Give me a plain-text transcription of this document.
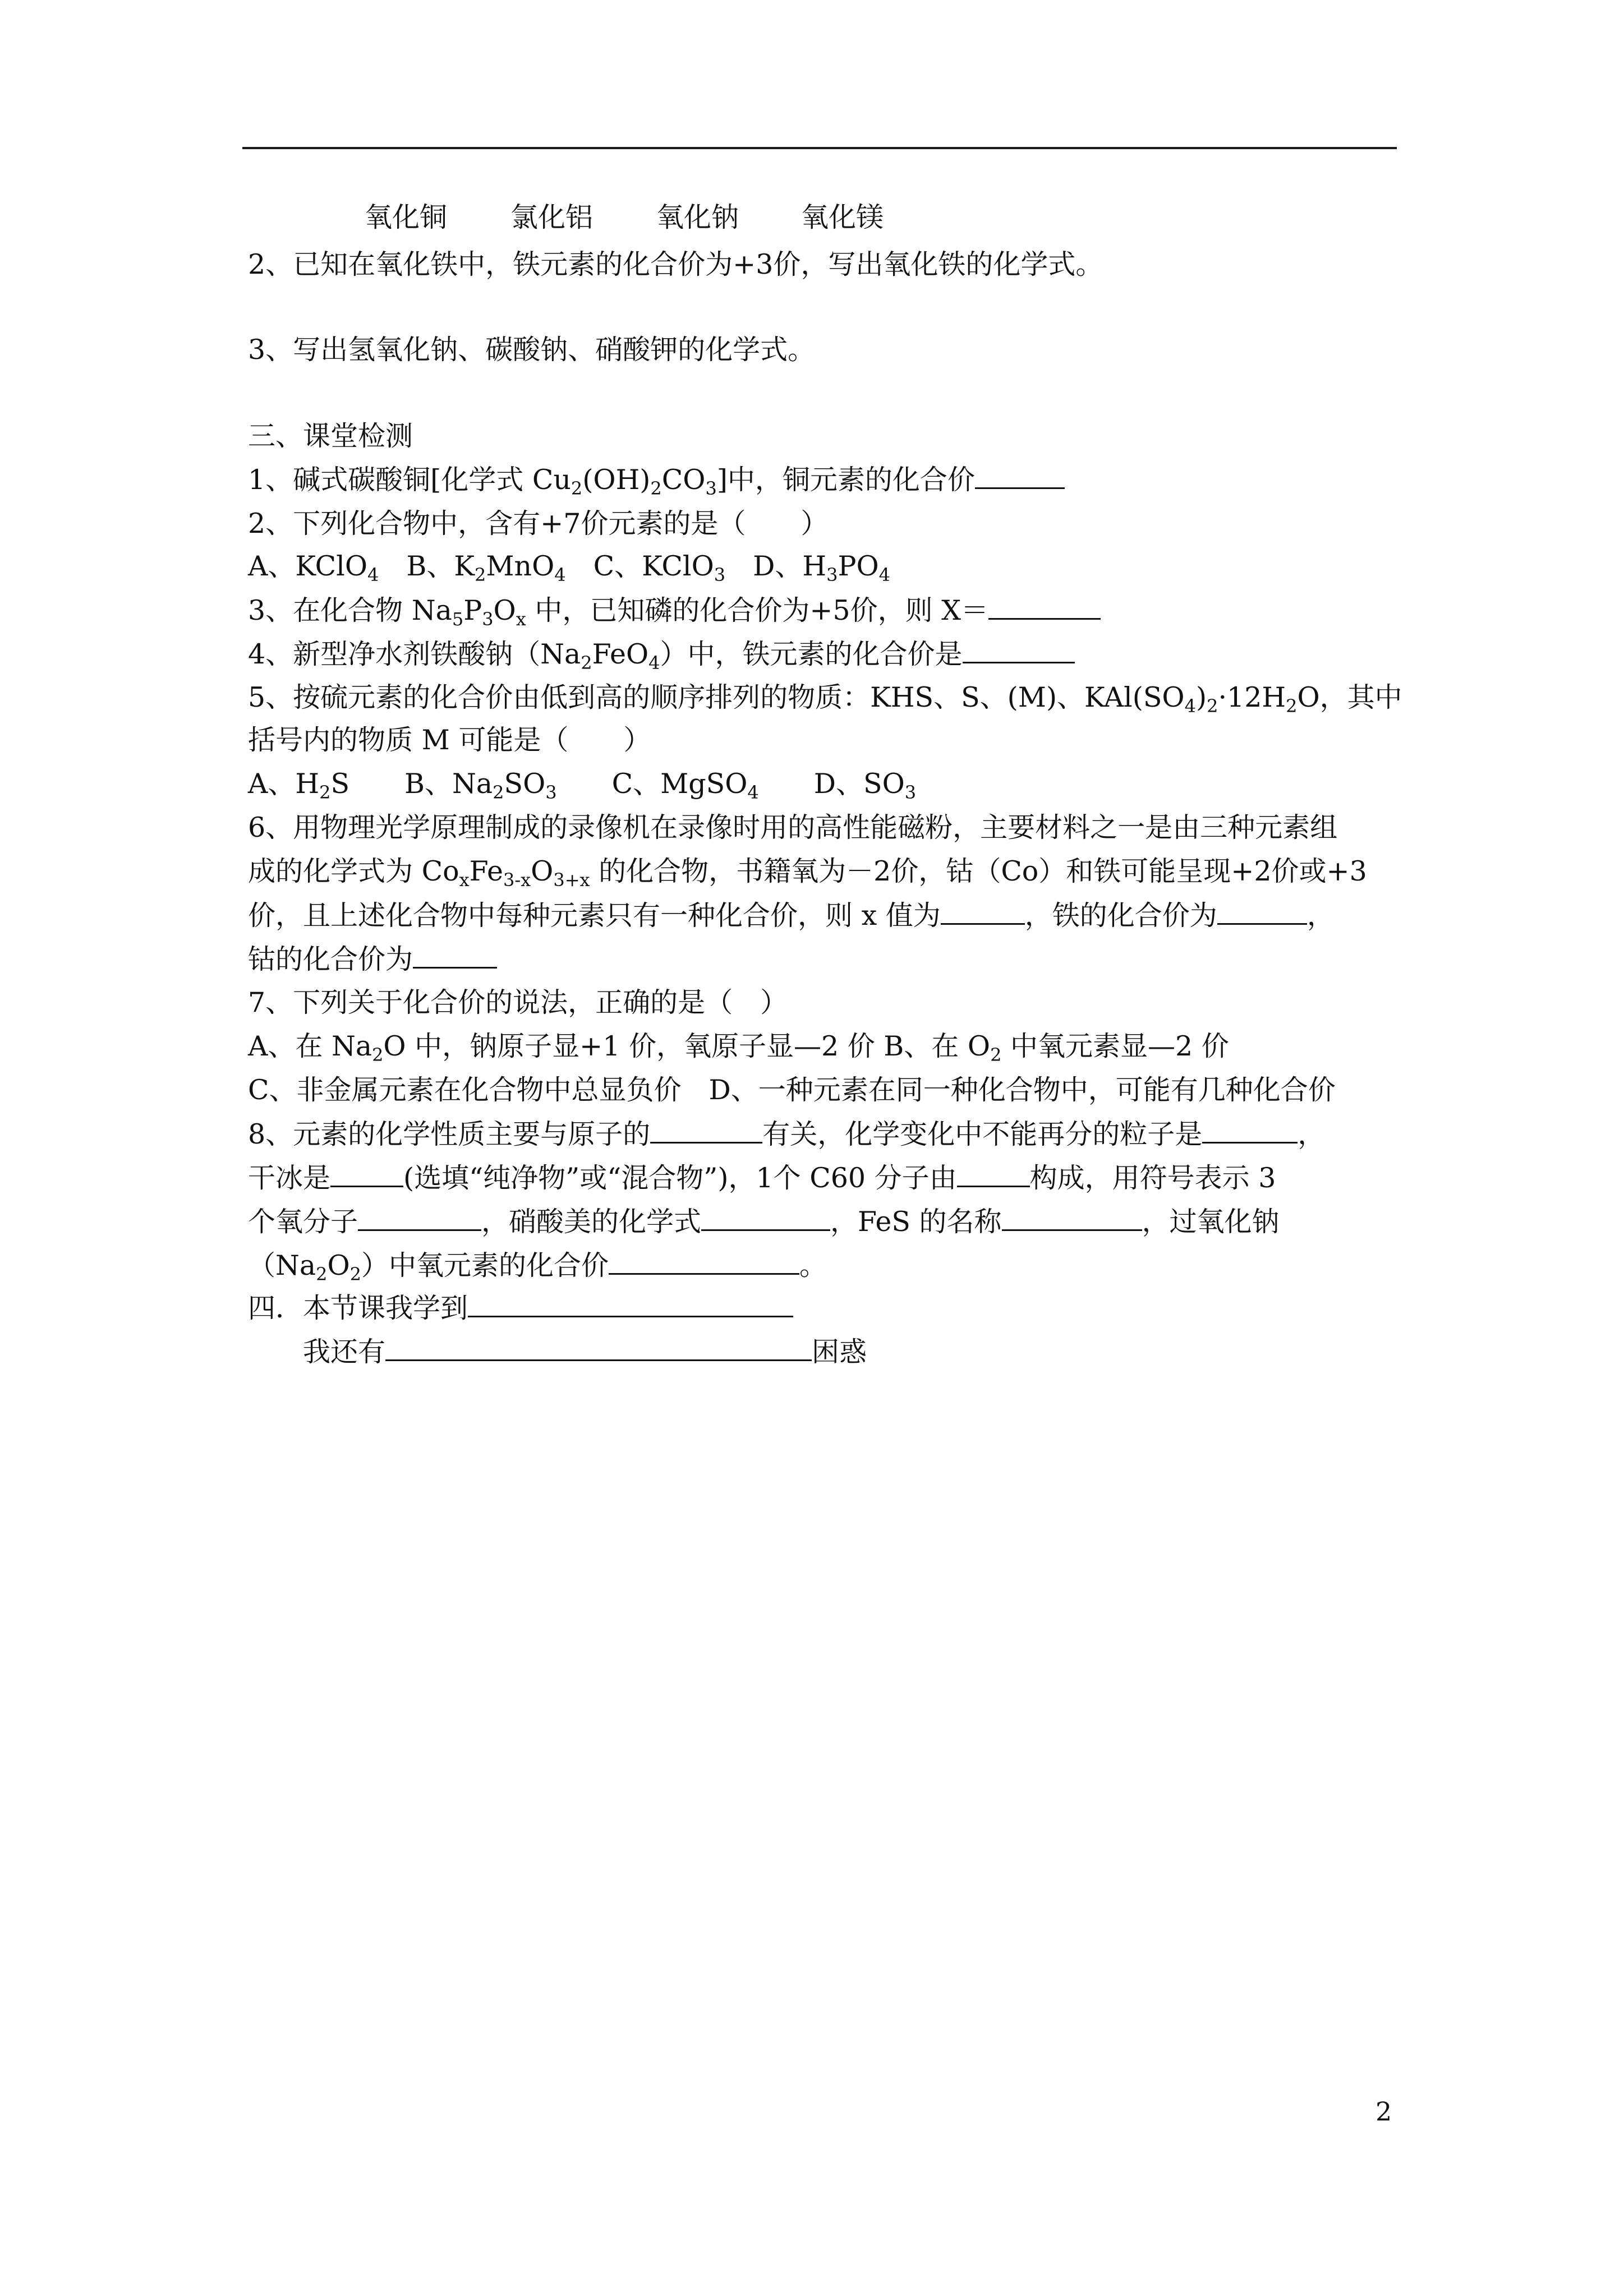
氧化铜 氯化铝 氧化钠 氧化镁
2、已知在氧化铁中，铁元素的化合价为+3价，写出氧化铁的化学式。
3、写出氢氧化钠、碳酸钠、硝酸钾的化学式。
三、课堂检测
1、碱式碳酸铜[化学式 $Cu_2(OH)_2CO_3$]中，铜元素的化合价
2、下列化合物中，含有+7价元素的是（　　）
A、KClO$_4$　B、$K_2MnO_4$　C、KClO$_3$　D、$H_3PO_4$
3、在化合物 $Na_5P_3O_x$ 中，已知磷的化合价为+5价，则 X＝
4、新型净水剂铁酸钠$(Na_2FeO_4)$中，铁元素的化合价是
5、按硫元素的化合价由低到高的顺序排列的物质：KHS、S、(M)、$KAl(SO_4)_2\cdot 12H_2O$，其中
括号内的物质 M 可能是（　　）
A、$H_2S$　　B、$Na_2SO_3$　　C、MgSO$_4$　　D、$SO_3$
6、用物理光学原理制成的录像机在录像时用的高性能磁粉，主要材料之一是由三种元素组
成的化学式为 $Co_xFe_{3-x}O_{3+x}$ 的化合物，书籍氧为－2价，钴（Co）和铁可能呈现+2价或+3
价，且上述化合物中每种元素只有一种化合价，则 x 值为	，铁的化合价为	，
钴的化合价为
7、下列关于化合价的说法，正确的是（　）
A、在 $Na_2O$ 中，钠原子显+1 价，氧原子显—2 价 B、在 $O_2$ 中氧元素显—2 价
C、非金属元素在化合物中总显负价　D、一种元素在同一种化合物中，可能有几种化合价
8、元素的化学性质主要与原子的	有关，化学变化中不能再分的粒子是	，
干冰是	(选填“纯净物”或“混合物”)，1个 C60 分子由	构成，用符号表示 3
个氧分子	，硝酸美的化学式	，FeS 的名称	，过氧化钠
$(Na_2O_2)$中氧元素的化合价	。
四．本节课我学到
我还有	困惑
2
